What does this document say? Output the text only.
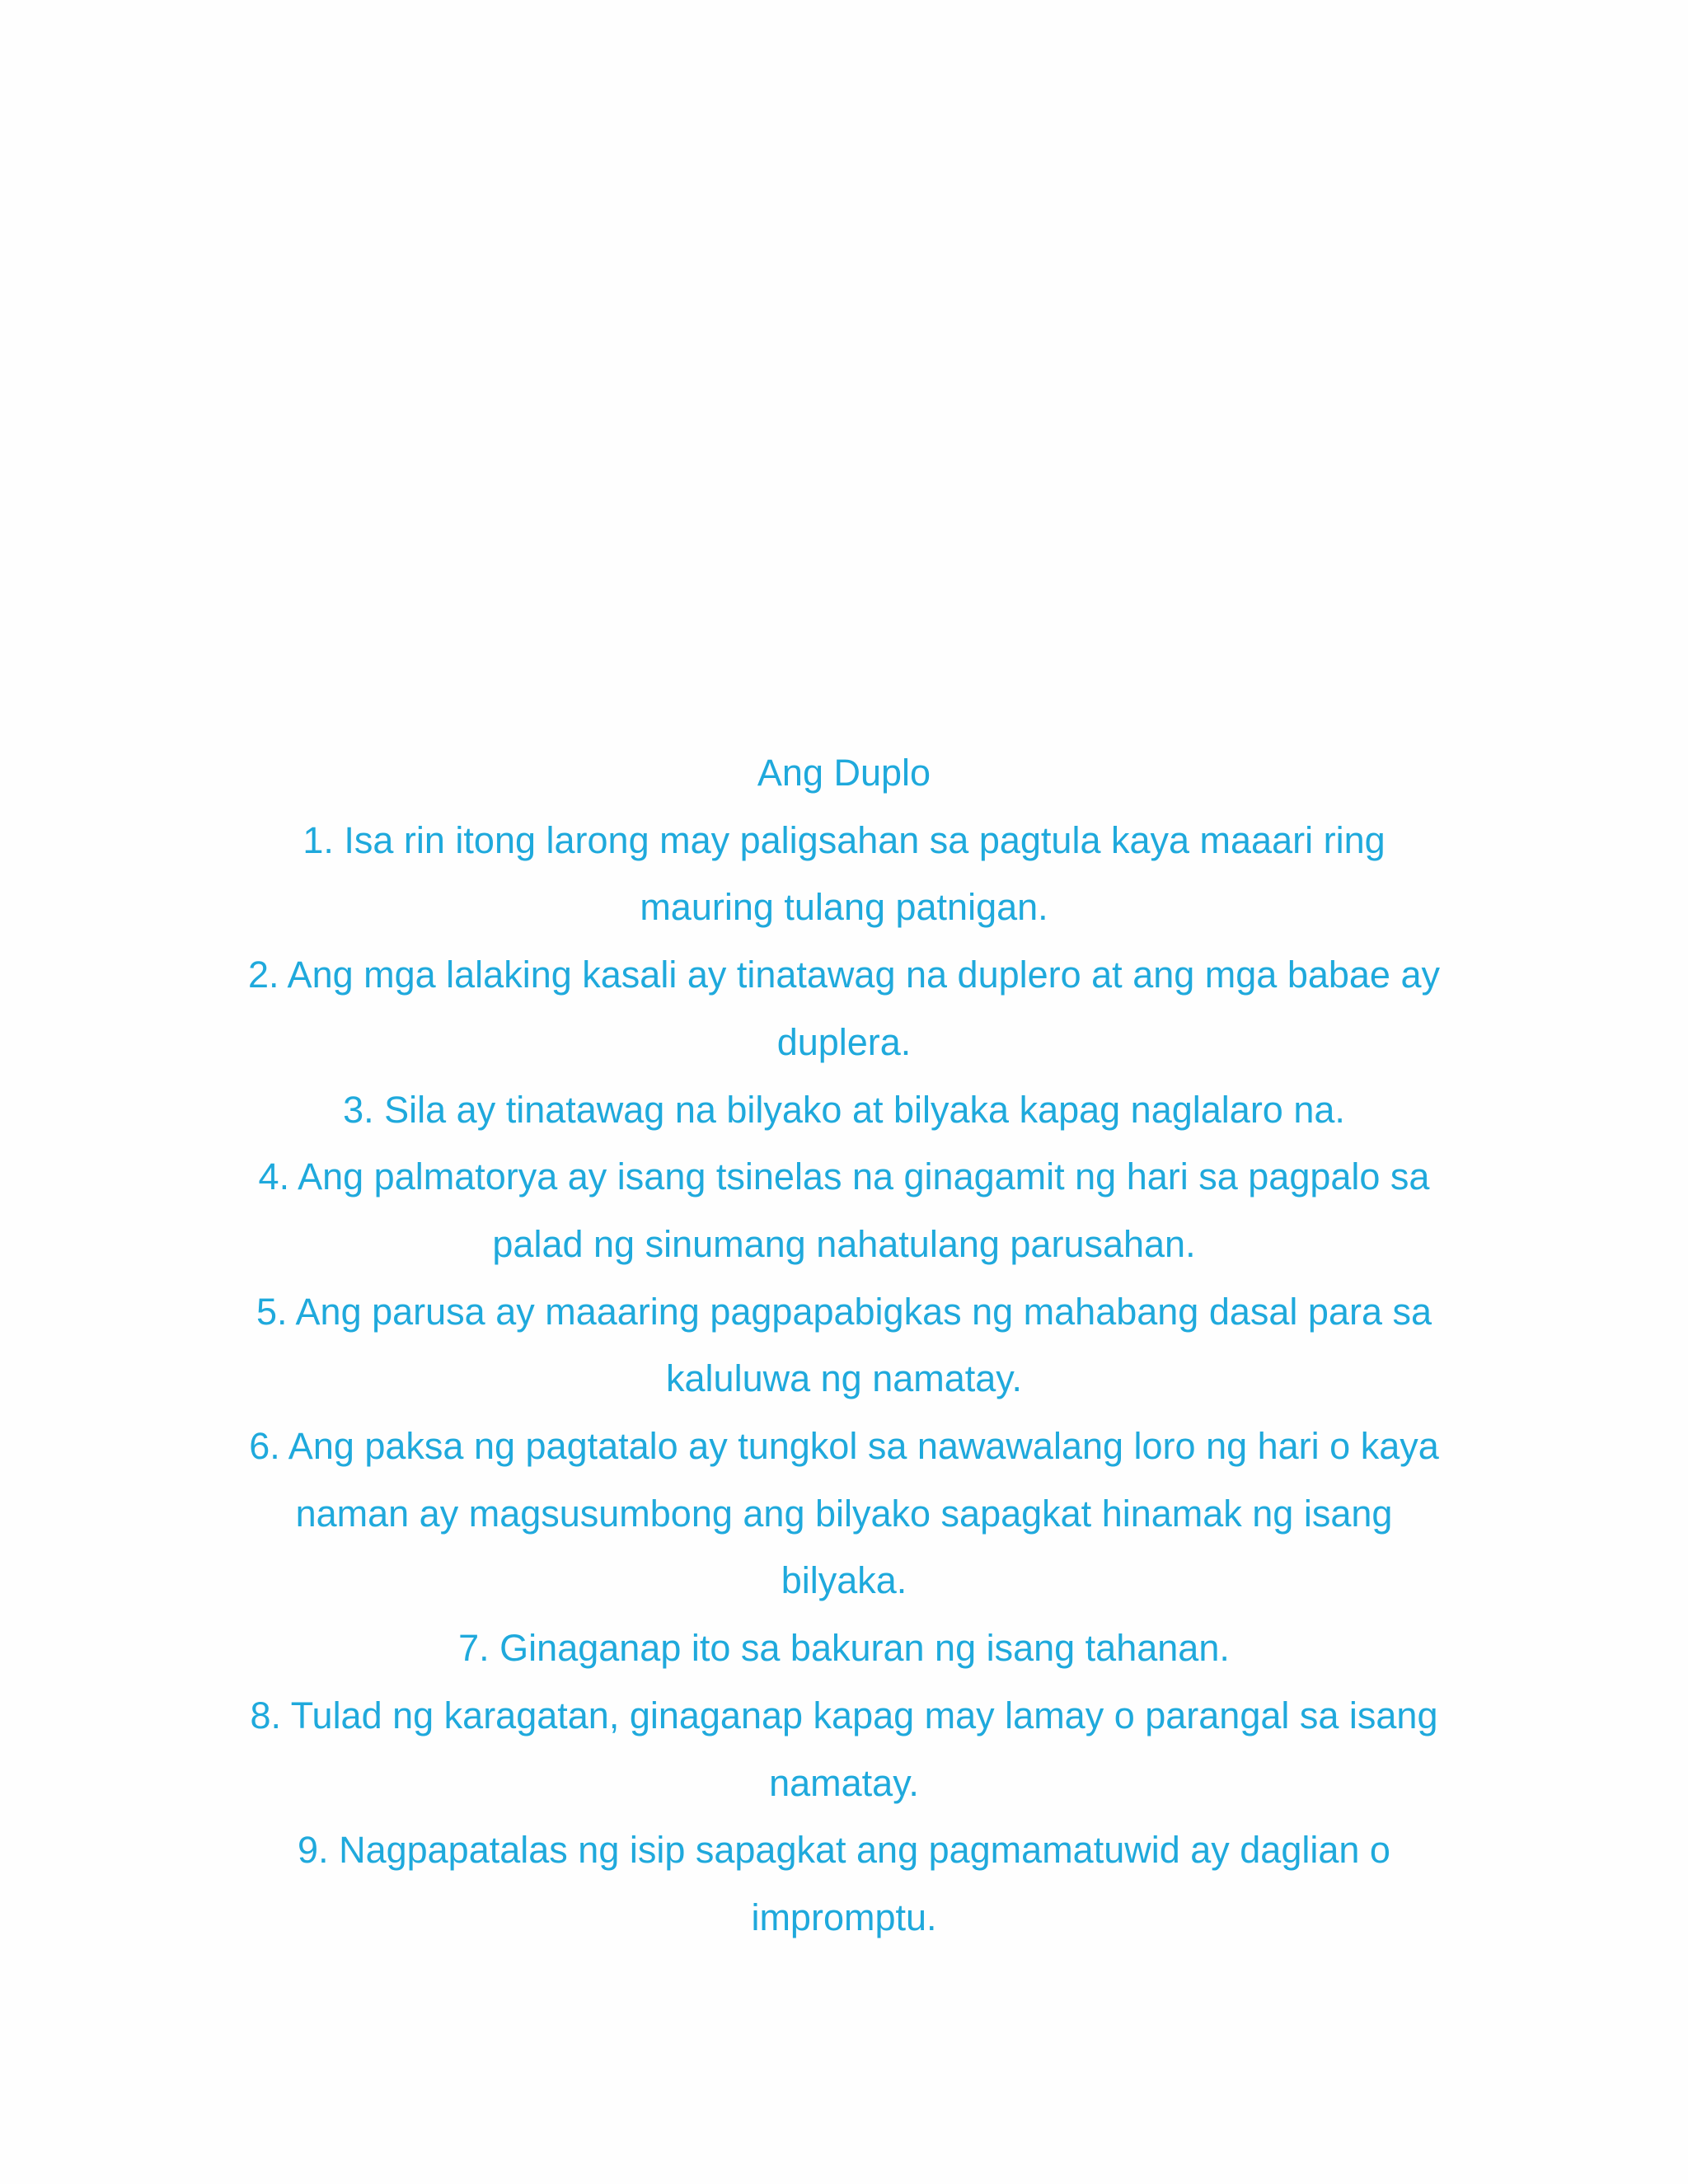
Ang Duplo
1. Isa rin itong larong may paligsahan sa pagtula kaya maaari ring
mauring tulang patnigan.
2. Ang mga lalaking kasali ay tinatawag na duplero at ang mga babae ay
duplera.
3. Sila ay tinatawag na bilyako at bilyaka kapag naglalaro na.
4. Ang palmatorya ay isang tsinelas na ginagamit ng hari sa pagpalo sa
palad ng sinumang nahatulang parusahan.
5. Ang parusa ay maaaring pagpapabigkas ng mahabang dasal para sa
kaluluwa ng namatay.
6. Ang paksa ng pagtatalo ay tungkol sa nawawalang loro ng hari o kaya
naman ay magsusumbong ang bilyako sapagkat hinamak ng isang
bilyaka.
7. Ginaganap ito sa bakuran ng isang tahanan.
8. Tulad ng karagatan, ginaganap kapag may lamay o parangal sa isang
namatay.
9. Nagpapatalas ng isip sapagkat ang pagmamatuwid ay daglian o
impromptu.
